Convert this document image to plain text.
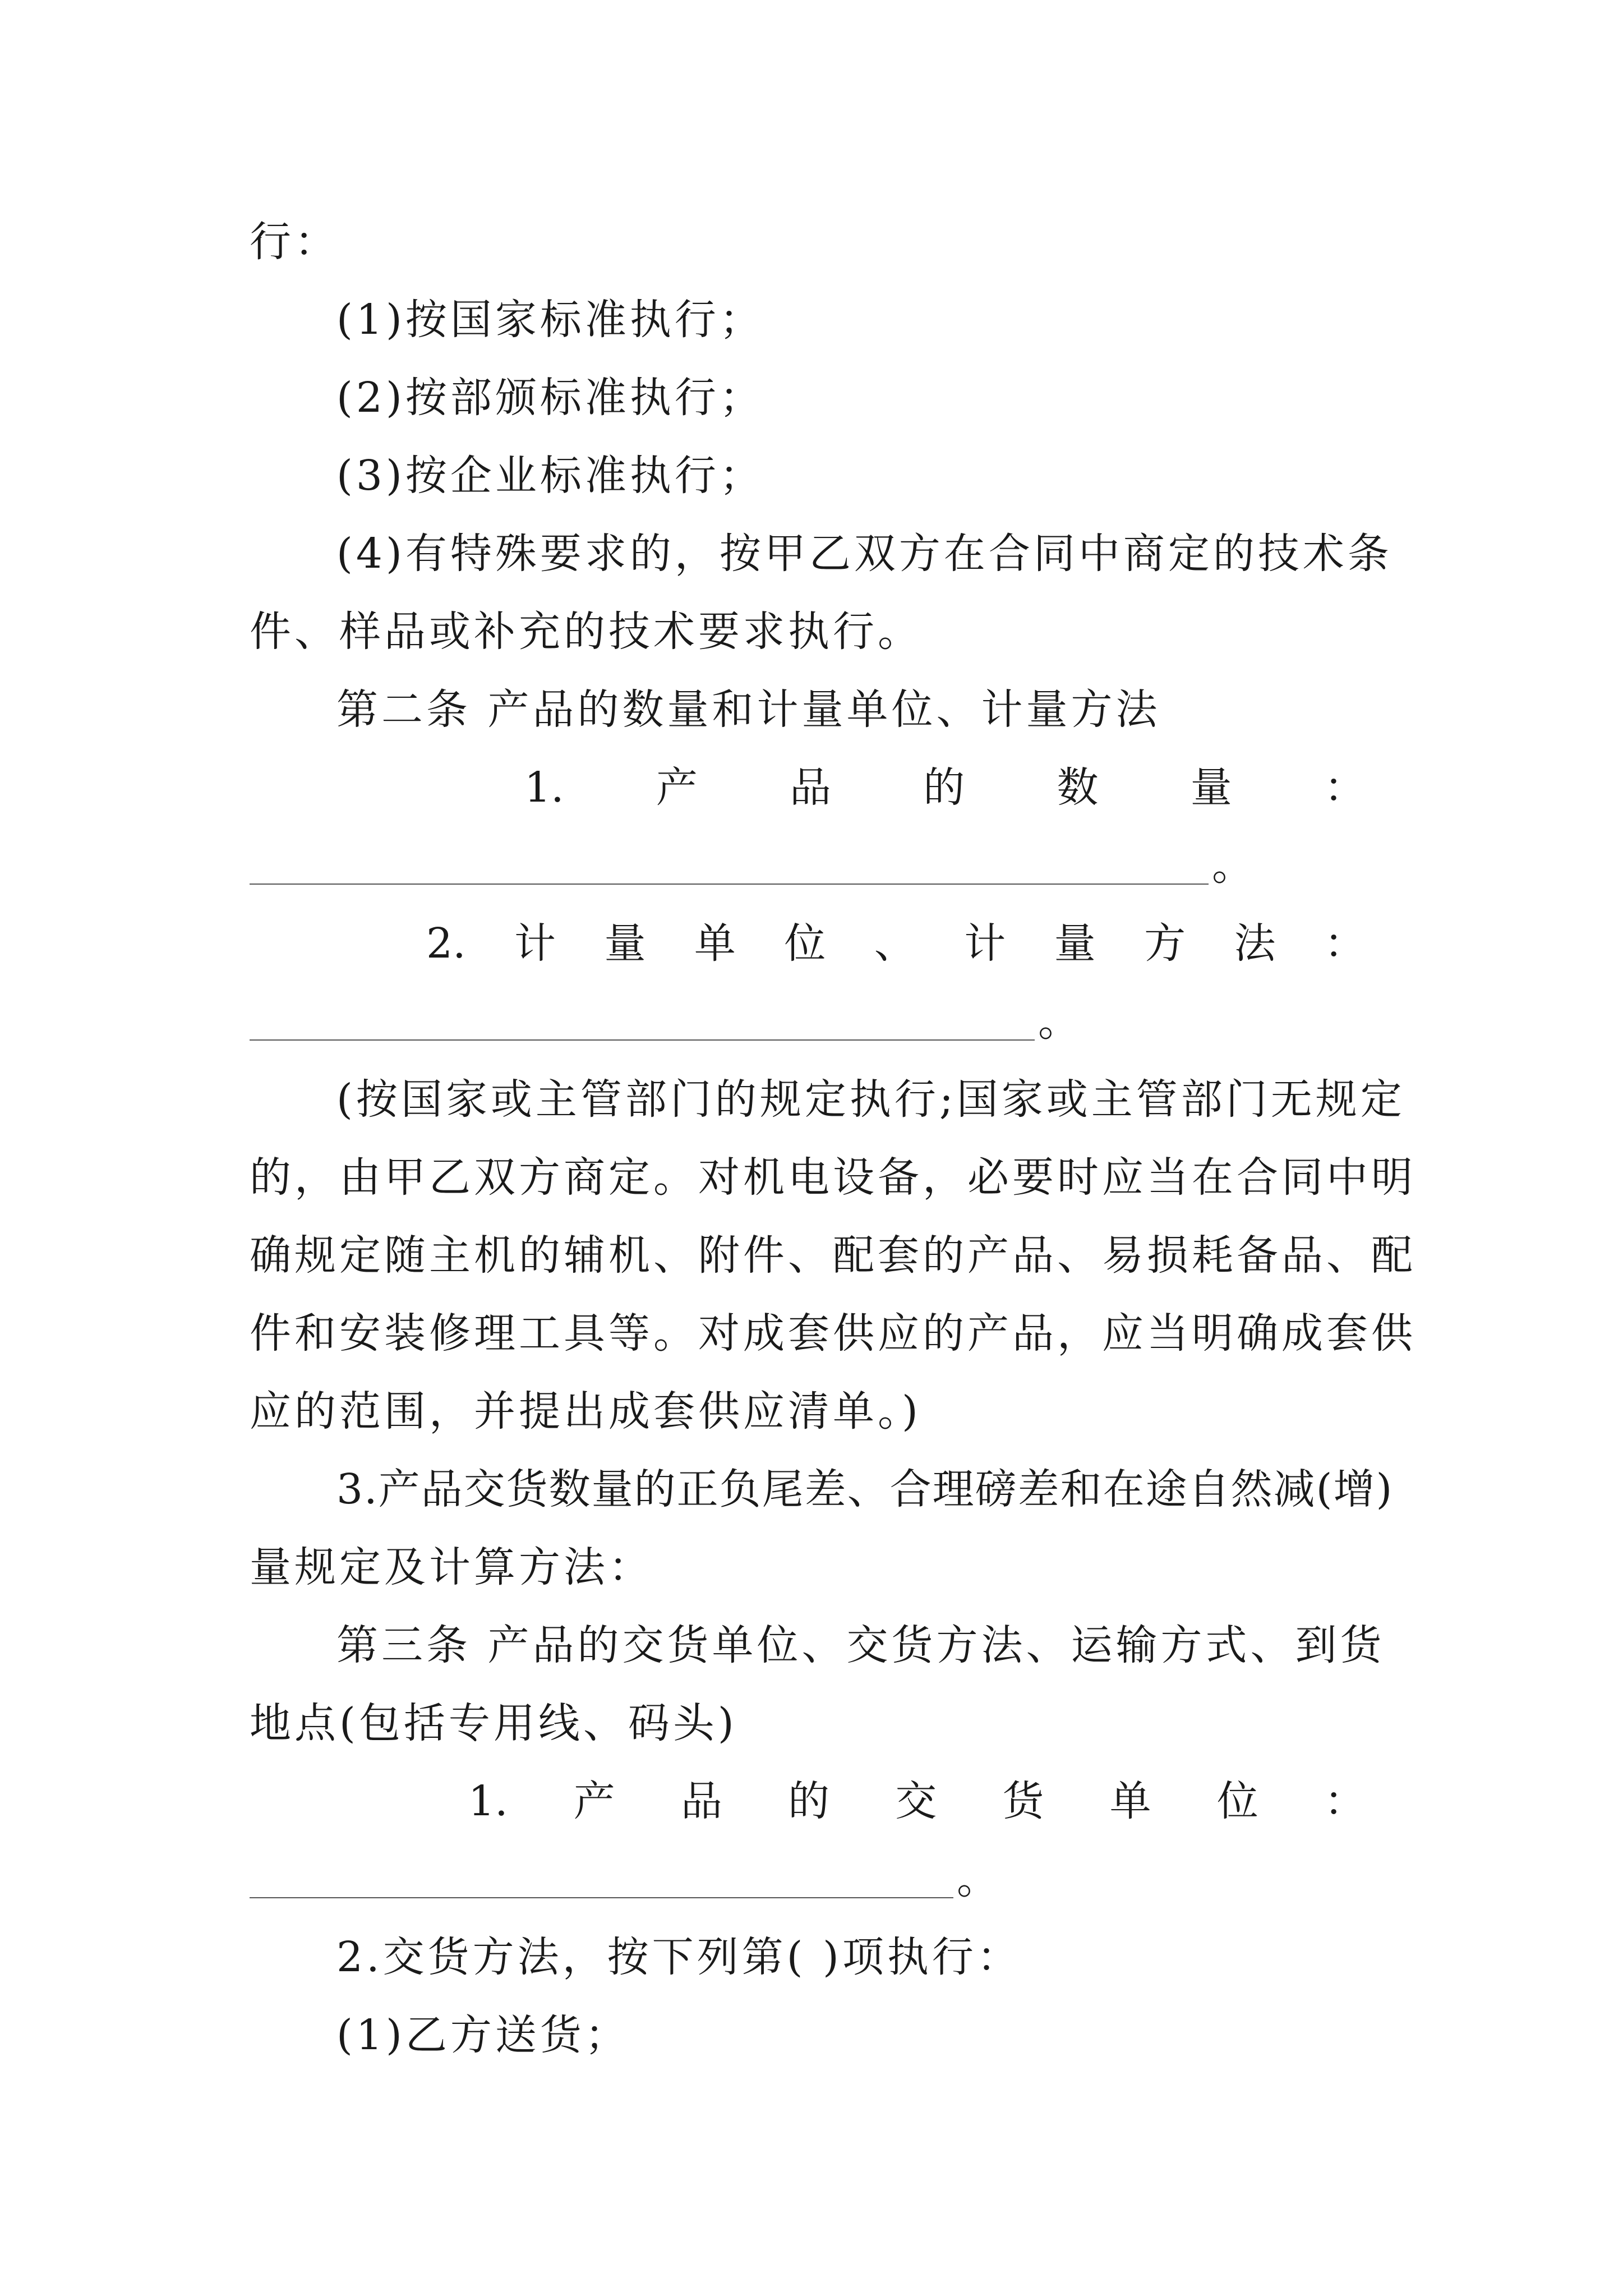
行：
(1)按国家标准执行；
(2)按部颁标准执行；
(3)按企业标准执行；
(4)有特殊要求的，按甲乙双方在合同中商定的技术条
件、样品或补充的技术要求执行。
第二条 产品的数量和计量单位、计量方法
1. 产 品 的 数 量 ：
。
2. 计 量 单 位 、 计 量 方 法 ：
。
(按国家或主管部门的规定执行;国家或主管部门无规定
的，由甲乙双方商定。对机电设备，必要时应当在合同中明
确规定随主机的辅机、附件、配套的产品、易损耗备品、配
件和安装修理工具等。对成套供应的产品，应当明确成套供
应的范围，并提出成套供应清单。)
3.产品交货数量的正负尾差、合理磅差和在途自然减(增)
量规定及计算方法：
第三条 产品的交货单位、交货方法、运输方式、到货
地点(包括专用线、码头)
1. 产 品 的 交 货 单 位 ：
。
2.交货方法，按下列第( )项执行：
(1)乙方送货；
